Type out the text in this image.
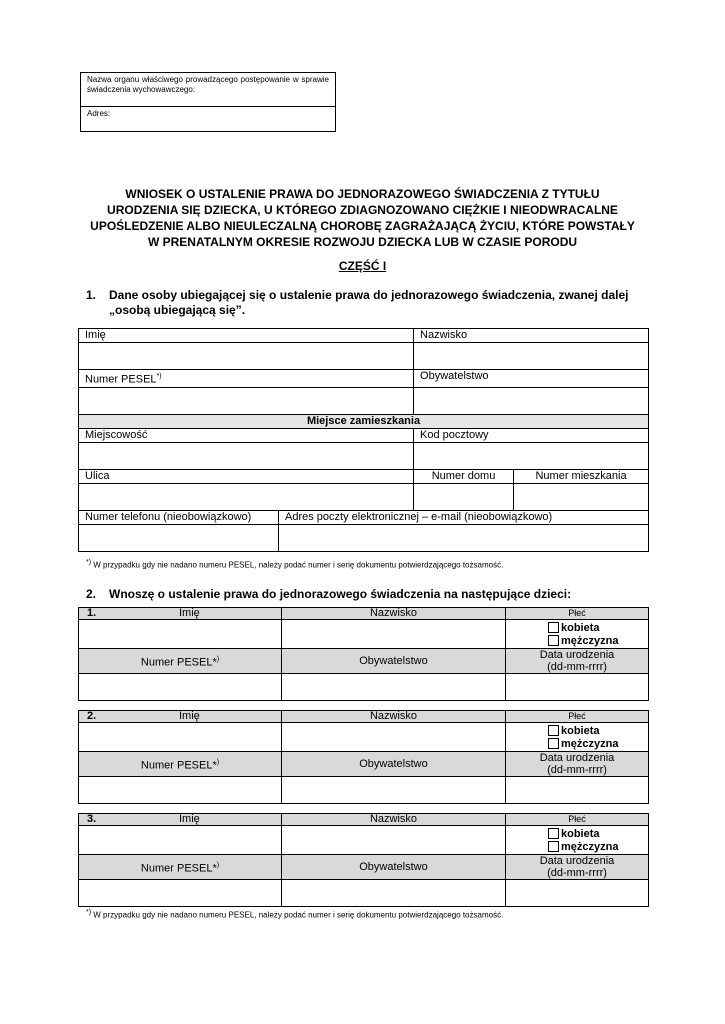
Nazwa organu właściwego prowadzącego postępowanie w sprawie świadczenia wychowawczego:
Adres:
WNIOSEK O USTALENIE PRAWA DO JEDNORAZOWEGO ŚWIADCZENIA Z TYTUŁU URODZENIA SIĘ DZIECKA, U KTÓREGO ZDIAGNOZOWANO CIĘŻKIE I NIEODWRACALNE UPOŚLEDZENIE ALBO NIEULECZALNĄ CHOROBĘ ZAGRAŻAJĄCĄ ŻYCIU, KTÓRE POWSTAŁY W PRENATALNYM OKRESIE ROZWOJU DZIECKA LUB W CZASIE PORODU
CZĘŚĆ I
1. Dane osoby ubiegającej się o ustalenie prawa do jednorazowego świadczenia, zwanej dalej „osobą ubiegającą się”.
Imię		Nazwisko	

Numer PESEL*)		Obywatelstwo	

Miejsce zamieszkania			
Miejscowość		Kod pocztowy	

Ulica		Numer domu	Numer mieszkania

Numer telefonu (nieobowiązkowo)	Adres poczty elektronicznej – e-mail (nieobowiązkowo)		

*) W przypadku gdy nie nadano numeru PESEL, należy podać numer i serię dokumentu potwierdzającego tożsamość.
2. Wnoszę o ustalenie prawa do jednorazowego świadczenia na następujące dzieci:
1. Imię	Nazwisko	Płeć

		kobieta
mężczyzna

Numer PESEL*)	Obywatelstwo	Data urodzenia
(dd-mm-rrrr)

2. Imię	Nazwisko	Płeć

		kobieta
mężczyzna

Numer PESEL*)	Obywatelstwo	Data urodzenia
(dd-mm-rrrr)

3. Imię	Nazwisko	Płeć

		kobieta
mężczyzna

Numer PESEL*)	Obywatelstwo	Data urodzenia
(dd-mm-rrrr)

*) W przypadku gdy nie nadano numeru PESEL, należy podać numer i serię dokumentu potwierdzającego tożsamość.
